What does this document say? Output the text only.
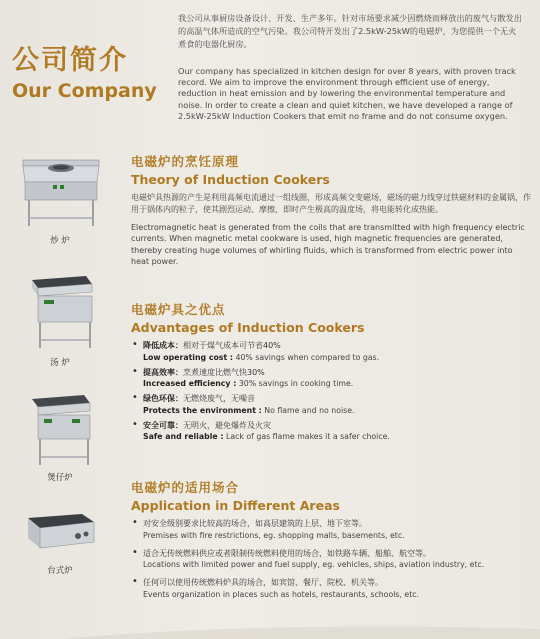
公司简介
Our Company

我公司从事厨房设备设计、开发、生产多年。针对市场要求减少因燃烧而释放出的废气与散发出的高温气体所造成的空气污染。我公司特开发出了2.5kW-25kW的电磁炉，为您提供一个无火煮食的电器化厨房。

Our company has specialized in kitchen design for over 8 years, with proven track record. We aim to improve the environment through efficient use of energy, reduction in heat emission and by lowering the environmental temperature and noise. In order to create a clean and quiet kitchen, we have developed a range of 2.5kW-25kW Induction Cookers that emit no frame and do not consume oxygen.

炒 炉
汤 炉
煲仔炉
台式炉
电磁炉的烹饪原理
Theory of Induction Cookers

电磁炉具热源的产生是利用高频电流通过一组线圈，形成高频交变磁场，磁场的磁力线穿过铁磁材料的金属锅，作用于锅体内的粒子，使其剧烈运动、摩擦，即时产生极高的温度场，将电能转化成热能。

Electromagnetic heat is generated from the coils that are transmitted with high frequency electric currents. When magnetic metal cookware is used, high magnetic frequencies are generated, thereby creating huge volumes of whirling fluids, which is transformed from electric power into heat power.

电磁炉具之优点
Advantages of Induction Cookers
• 降低成本：相对于煤气成本可节省40%
Low operating cost : 40% savings when compared to gas.
• 提高效率：烹煮速度比燃气快30%
Increased efficiency : 30% savings in cooking time.
• 绿色环保：无燃烧废气，无噪音
Protects the environment : No flame and no noise.
• 安全可靠：无明火，避免爆炸及火灾
Safe and reliable : Lack of gas flame makes it a safer choice.
电磁炉的适用场合
Application in Different Areas
• 对安全级别要求比较高的场合，如高层建筑的上层、地下室等。
Premises with fire restrictions, eg. shopping malls, basements, etc.
• 适合无传统燃料供应或者限制传统燃料使用的场合，如铁路车辆、船舶、航空等。
Locations with limited power and fuel supply, eg. vehicles, ships, aviation industry, etc.
• 任何可以使用传统燃料炉具的场合，如宾馆、餐厅、院校、机关等。
Events organization in places such as hotels, restaurants, schools, etc.
